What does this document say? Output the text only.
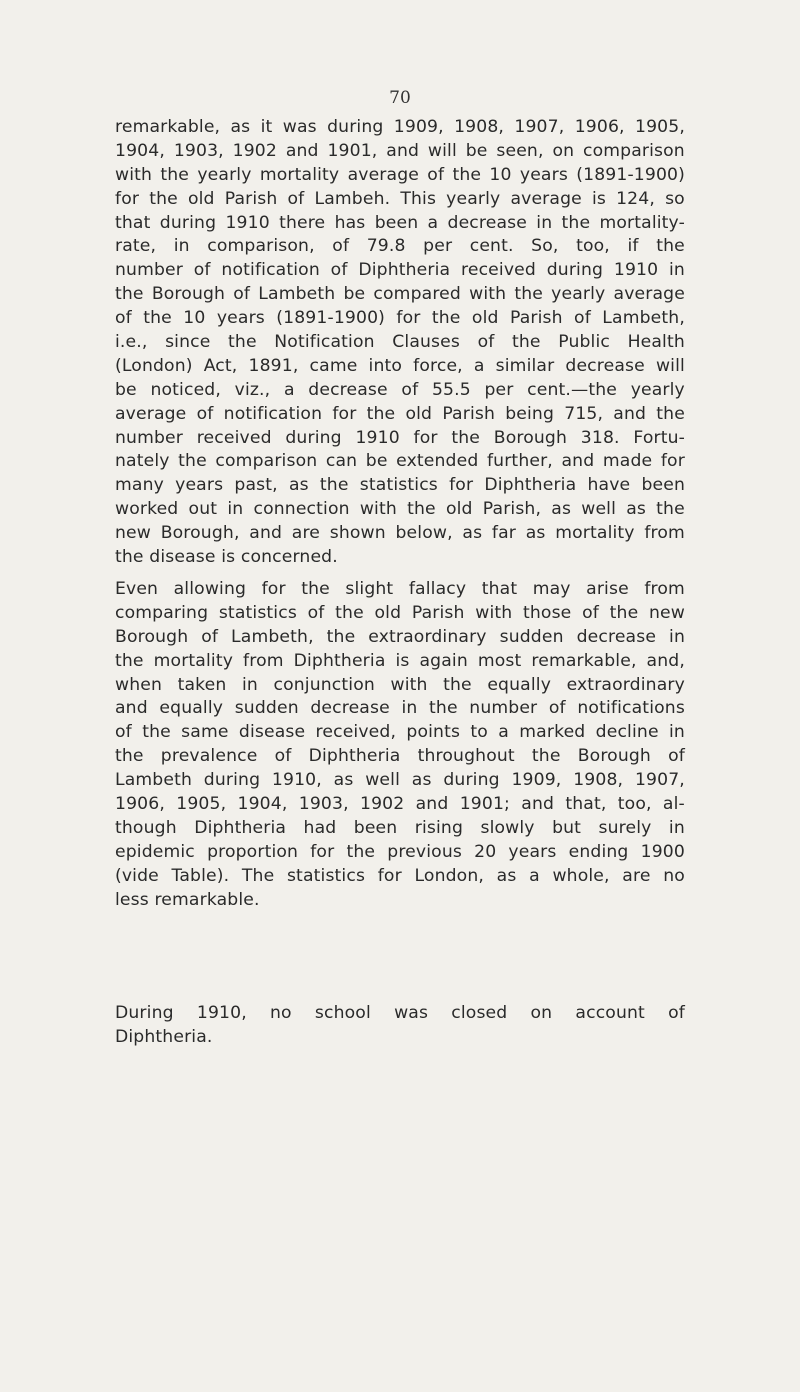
70
remarkable, as it was during 1909, 1908, 1907, 1906, 1905,
1904, 1903, 1902 and 1901, and will be seen, on comparison
with the yearly mortality average of the 10 years (1891-1900)
for the old Parish of Lambeh. This yearly average is 124, so
that during 1910 there has been a decrease in the mortality-
rate, in comparison, of 79.8 per cent. So, too, if the
number of notification of Diphtheria received during 1910 in
the Borough of Lambeth be compared with the yearly average
of the 10 years (1891-1900) for the old Parish of Lambeth,
i.e., since the Notification Clauses of the Public Health
(London) Act, 1891, came into force, a similar decrease will
be noticed, viz., a decrease of 55.5 per cent.—the yearly
average of notification for the old Parish being 715, and the
number received during 1910 for the Borough 318. Fortu-
nately the comparison can be extended further, and made for
many years past, as the statistics for Diphtheria have been
worked out in connection with the old Parish, as well as the
new Borough, and are shown below, as far as mortality from
the disease is concerned.
Even allowing for the slight fallacy that may arise from
comparing statistics of the old Parish with those of the new
Borough of Lambeth, the extraordinary sudden decrease in
the mortality from Diphtheria is again most remarkable, and,
when taken in conjunction with the equally extraordinary
and equally sudden decrease in the number of notifications
of the same disease received, points to a marked decline in
the prevalence of Diphtheria throughout the Borough of
Lambeth during 1910, as well as during 1909, 1908, 1907,
1906, 1905, 1904, 1903, 1902 and 1901; and that, too, al-
though Diphtheria had been rising slowly but surely in
epidemic proportion for the previous 20 years ending 1900
(vide Table). The statistics for London, as a whole, are no
less remarkable.
During 1910, no school was closed on account of
Diphtheria.
